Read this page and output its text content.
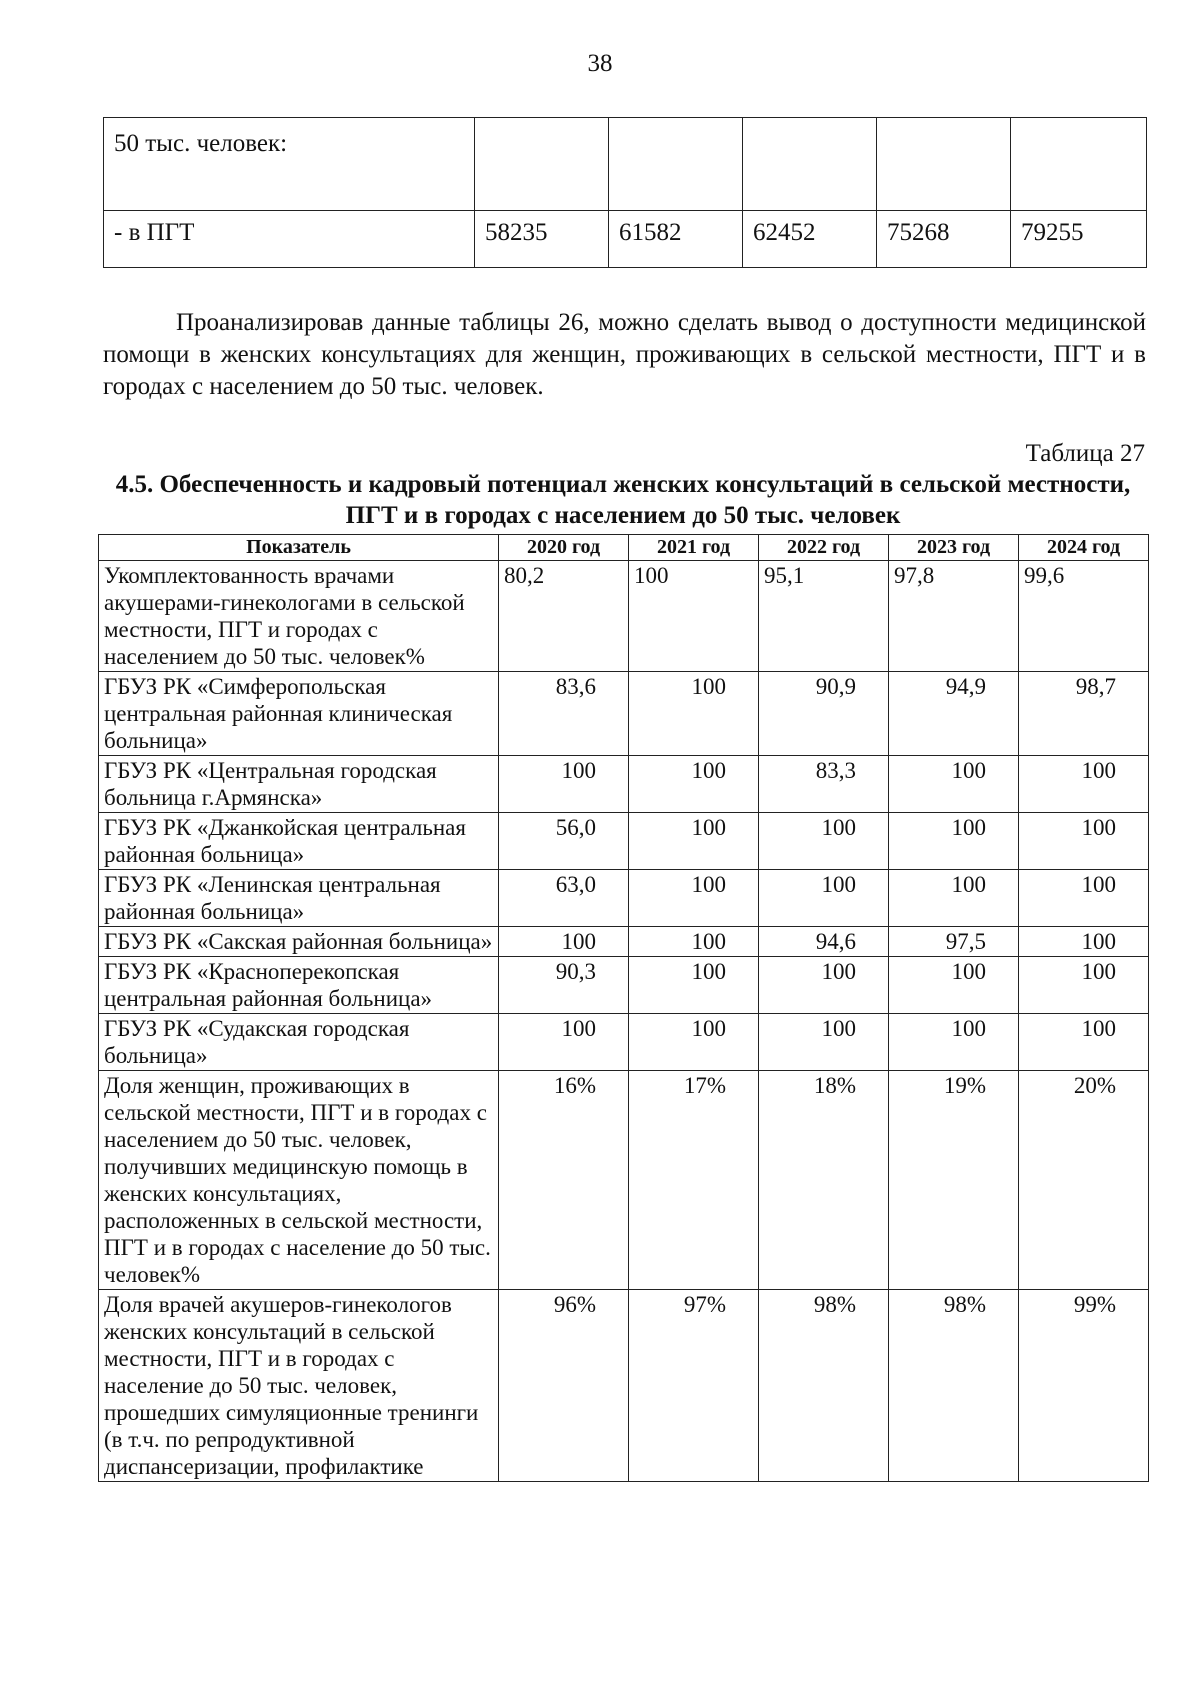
38
50 тыс. человек:					
- в ПГТ	58235	61582	62452	75268	79255

Проанализировав данные таблицы 26, можно сделать вывод о доступности медицинской помощи в женских консультациях для женщин, проживающих в сельской местности, ПГТ и в городах с населением до 50 тыс. человек.

Таблица 27
4.5. Обеспеченность и кадровый потенциал женских консультаций в сельской местности, ПГТ и в городах с населением до 50 тыс. человек
Показатель	2020 год	2021 год	2022 год	2023 год	2024 год
Укомплектованность врачами акушерами-гинекологами в сельской местности, ПГТ и городах с населением до 50 тыс. человек%	80,2	100	95,1	97,8	99,6
ГБУЗ РК «Симферопольская центральная районная клиническая больница»	83,6	100	90,9	94,9	98,7
ГБУЗ РК «Центральная городская больница г.Армянска»	100	100	83,3	100	100
ГБУЗ РК «Джанкойская центральная районная больница»	56,0	100	100	100	100
ГБУЗ РК «Ленинская центральная районная больница»	63,0	100	100	100	100
ГБУЗ РК «Сакская районная больница»	100	100	94,6	97,5	100
ГБУЗ РК «Красноперекопская центральная районная больница»	90,3	100	100	100	100
ГБУЗ РК «Судакская городская больница»	100	100	100	100	100
Доля женщин, проживающих в сельской местности, ПГТ и в городах с населением до 50 тыс. человек, получивших медицинскую помощь в женских консультациях, расположенных в сельской местности, ПГТ и в городах с население до 50 тыс. человек%	16%	17%	18%	19%	20%
Доля врачей акушеров-гинекологов женских консультаций в сельской местности, ПГТ и в городах с население до 50 тыс. человек, прошедших симуляционные тренинги (в т.ч. по репродуктивной диспансеризации, профилактике	96%	97%	98%	98%	99%
